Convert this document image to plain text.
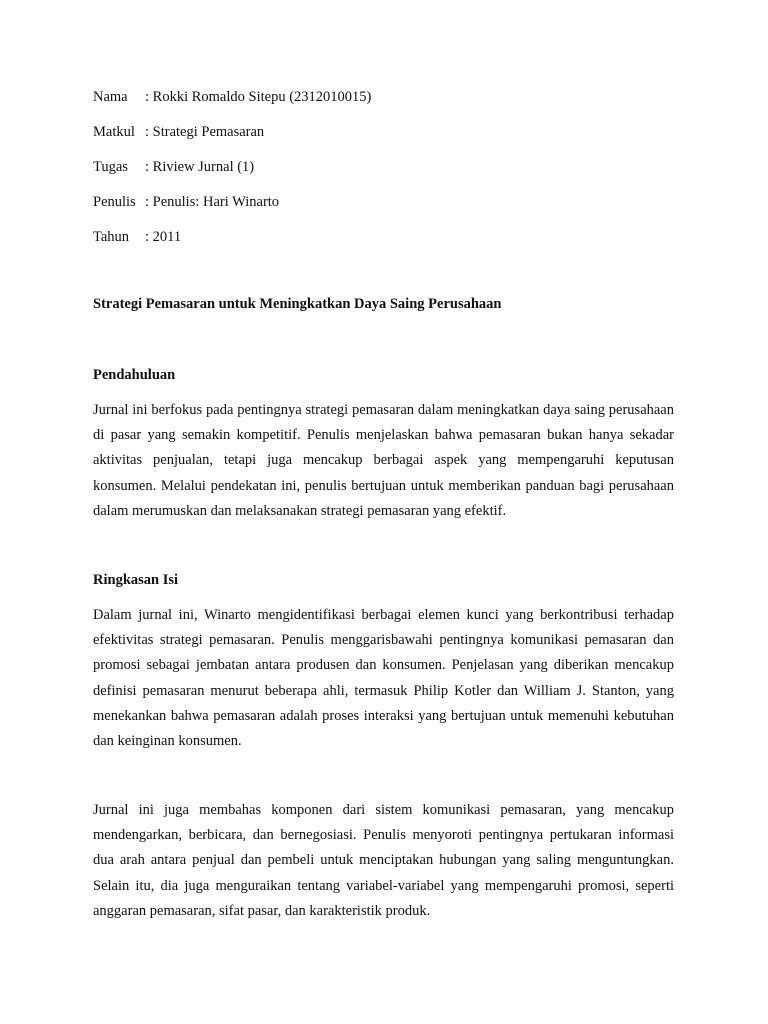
Nama : Rokki Romaldo Sitepu (2312010015)
Matkul : Strategi Pemasaran
Tugas : Riview Jurnal (1)
Penulis : Penulis: Hari Winarto
Tahun : 2011
Strategi Pemasaran untuk Meningkatkan Daya Saing Perusahaan
Pendahuluan

Jurnal ini berfokus pada pentingnya strategi pemasaran dalam meningkatkan daya saing perusahaan di pasar yang semakin kompetitif. Penulis menjelaskan bahwa pemasaran bukan hanya sekadar aktivitas penjualan, tetapi juga mencakup berbagai aspek yang mempengaruhi keputusan konsumen. Melalui pendekatan ini, penulis bertujuan untuk memberikan panduan bagi perusahaan dalam merumuskan dan melaksanakan strategi pemasaran yang efektif.

Ringkasan Isi

Dalam jurnal ini, Winarto mengidentifikasi berbagai elemen kunci yang berkontribusi terhadap efektivitas strategi pemasaran. Penulis menggarisbawahi pentingnya komunikasi pemasaran dan promosi sebagai jembatan antara produsen dan konsumen. Penjelasan yang diberikan mencakup definisi pemasaran menurut beberapa ahli, termasuk Philip Kotler dan William J. Stanton, yang menekankan bahwa pemasaran adalah proses interaksi yang bertujuan untuk memenuhi kebutuhan dan keinginan konsumen.

Jurnal ini juga membahas komponen dari sistem komunikasi pemasaran, yang mencakup mendengarkan, berbicara, dan bernegosiasi. Penulis menyoroti pentingnya pertukaran informasi dua arah antara penjual dan pembeli untuk menciptakan hubungan yang saling menguntungkan. Selain itu, dia juga menguraikan tentang variabel-variabel yang mempengaruhi promosi, seperti anggaran pemasaran, sifat pasar, dan karakteristik produk.
